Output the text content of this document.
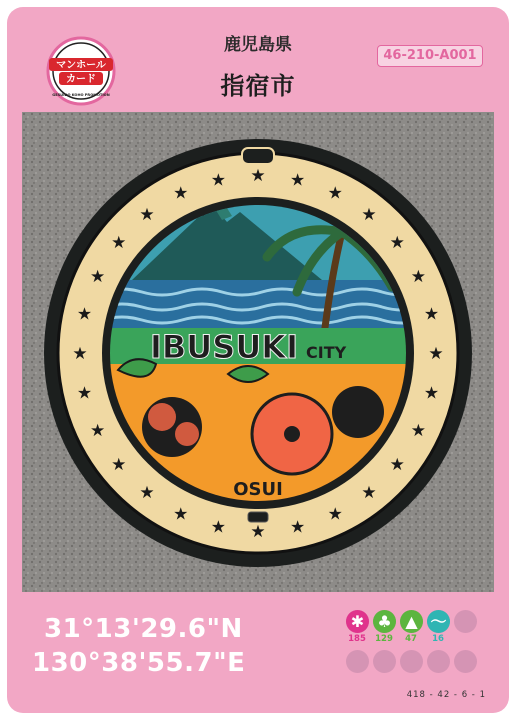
マンホール
カード
GESUIDO KOHO PROMOTION
46-210-A001
鹿児島県
指宿市
★ ★
★
★
★
★
★
★
★
★
★
★
★
★
★
★
★
★
★
★
★
★
★
★
★
★
★
★
IBUSUKI CITY
OSUI
31°13'29.6"N
130°38'55.7"E
✱ ♣ ▲ ～
185	129	47	16
418 - 42 - 6 - 1
